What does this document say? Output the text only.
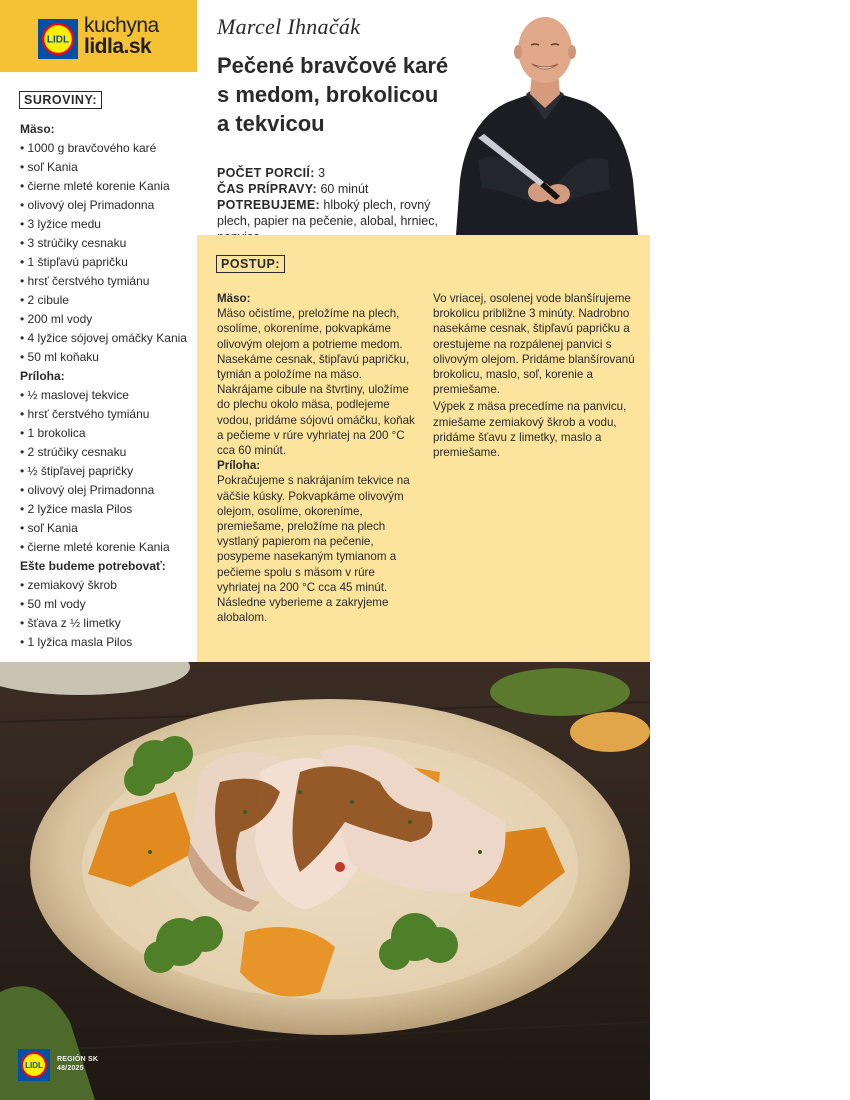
LIDL
kuchyna
lidla.sk
Marcel Ihnačák
Pečené bravčové karé
s medom, brokolicou
a tekvicou
POČET PORCIÍ: 3
ČAS PRÍPRAVY: 60 minút
POTREBUJEME: hlboký plech, rovný plech, papier na pečenie, alobal, hrniec,
SUROVINY:
Mäso:
• 1000 g bravčového karé
• soľ Kania
• čierne mleté korenie Kania
• olivový olej Primadonna
• 3 lyžice medu
• 3 strúčiky cesnaku
• 1 štipľavú papričku
• hrsť čerstvého tymiánu
• 2 cibule
• 200 ml vody
• 4 lyžice sójovej omáčky Kania
• 50 ml koňaku
Príloha:
• ½ maslovej tekvice
• hrsť čerstvého tymiánu
• 1 brokolica
• 2 strúčiky cesnaku
• ½ štipľavej papričky
• olivový olej Primadonna
• 2 lyžice masla Pilos
• soľ Kania
• čierne mleté korenie Kania
Ešte budeme potrebovať:
• zemiakový škrob
• 50 ml vody
• šťava z ½ limetky
• 1 lyžica masla Pilos
POSTUP:
Mäso:

Mäso očistíme, preložíme na plech, osolíme, okoreníme, pokvapkáme olivovým olejom a potrieme medom. Nasekáme cesnak, štipľavú papričku, tymián a položíme na mäso. Nakrájame cibule na štvrtiny, uložíme do plechu okolo mäsa, podlejeme vodou, pridáme sójovú omáčku, koňak a pečieme v rúre vyhriatej na 200 °C cca 60 minút.

Príloha:

Pokračujeme s nakrájaním tekvice na väčšie kúsky. Pokvapkáme olivovým olejom, osolíme, okoreníme, premiešame, preložíme na plech vystlaný papierom na pečenie, posypeme nasekaným tymianom a pečieme spolu s mäsom v rúre vyhriatej na 200 °C cca 45 minút. Následne vyberieme a zakryjeme alobalom.

Vo vriacej, osolenej vode blanšírujeme brokolicu približne 3 minúty. Nadrobno nasekáme cesnak, štipľavú papričku a orestujeme na rozpálenej panvici s olivovým olejom. Pridáme blanšírovanú brokolicu, maslo, soľ, korenie a premiešame.

Výpek z mäsa precedíme na panvicu, zmiešame zemiakový škrob a vodu, pridáme šťavu z limetky, maslo a premiešame.

LIDL
REGIÓN SK
48/2025
